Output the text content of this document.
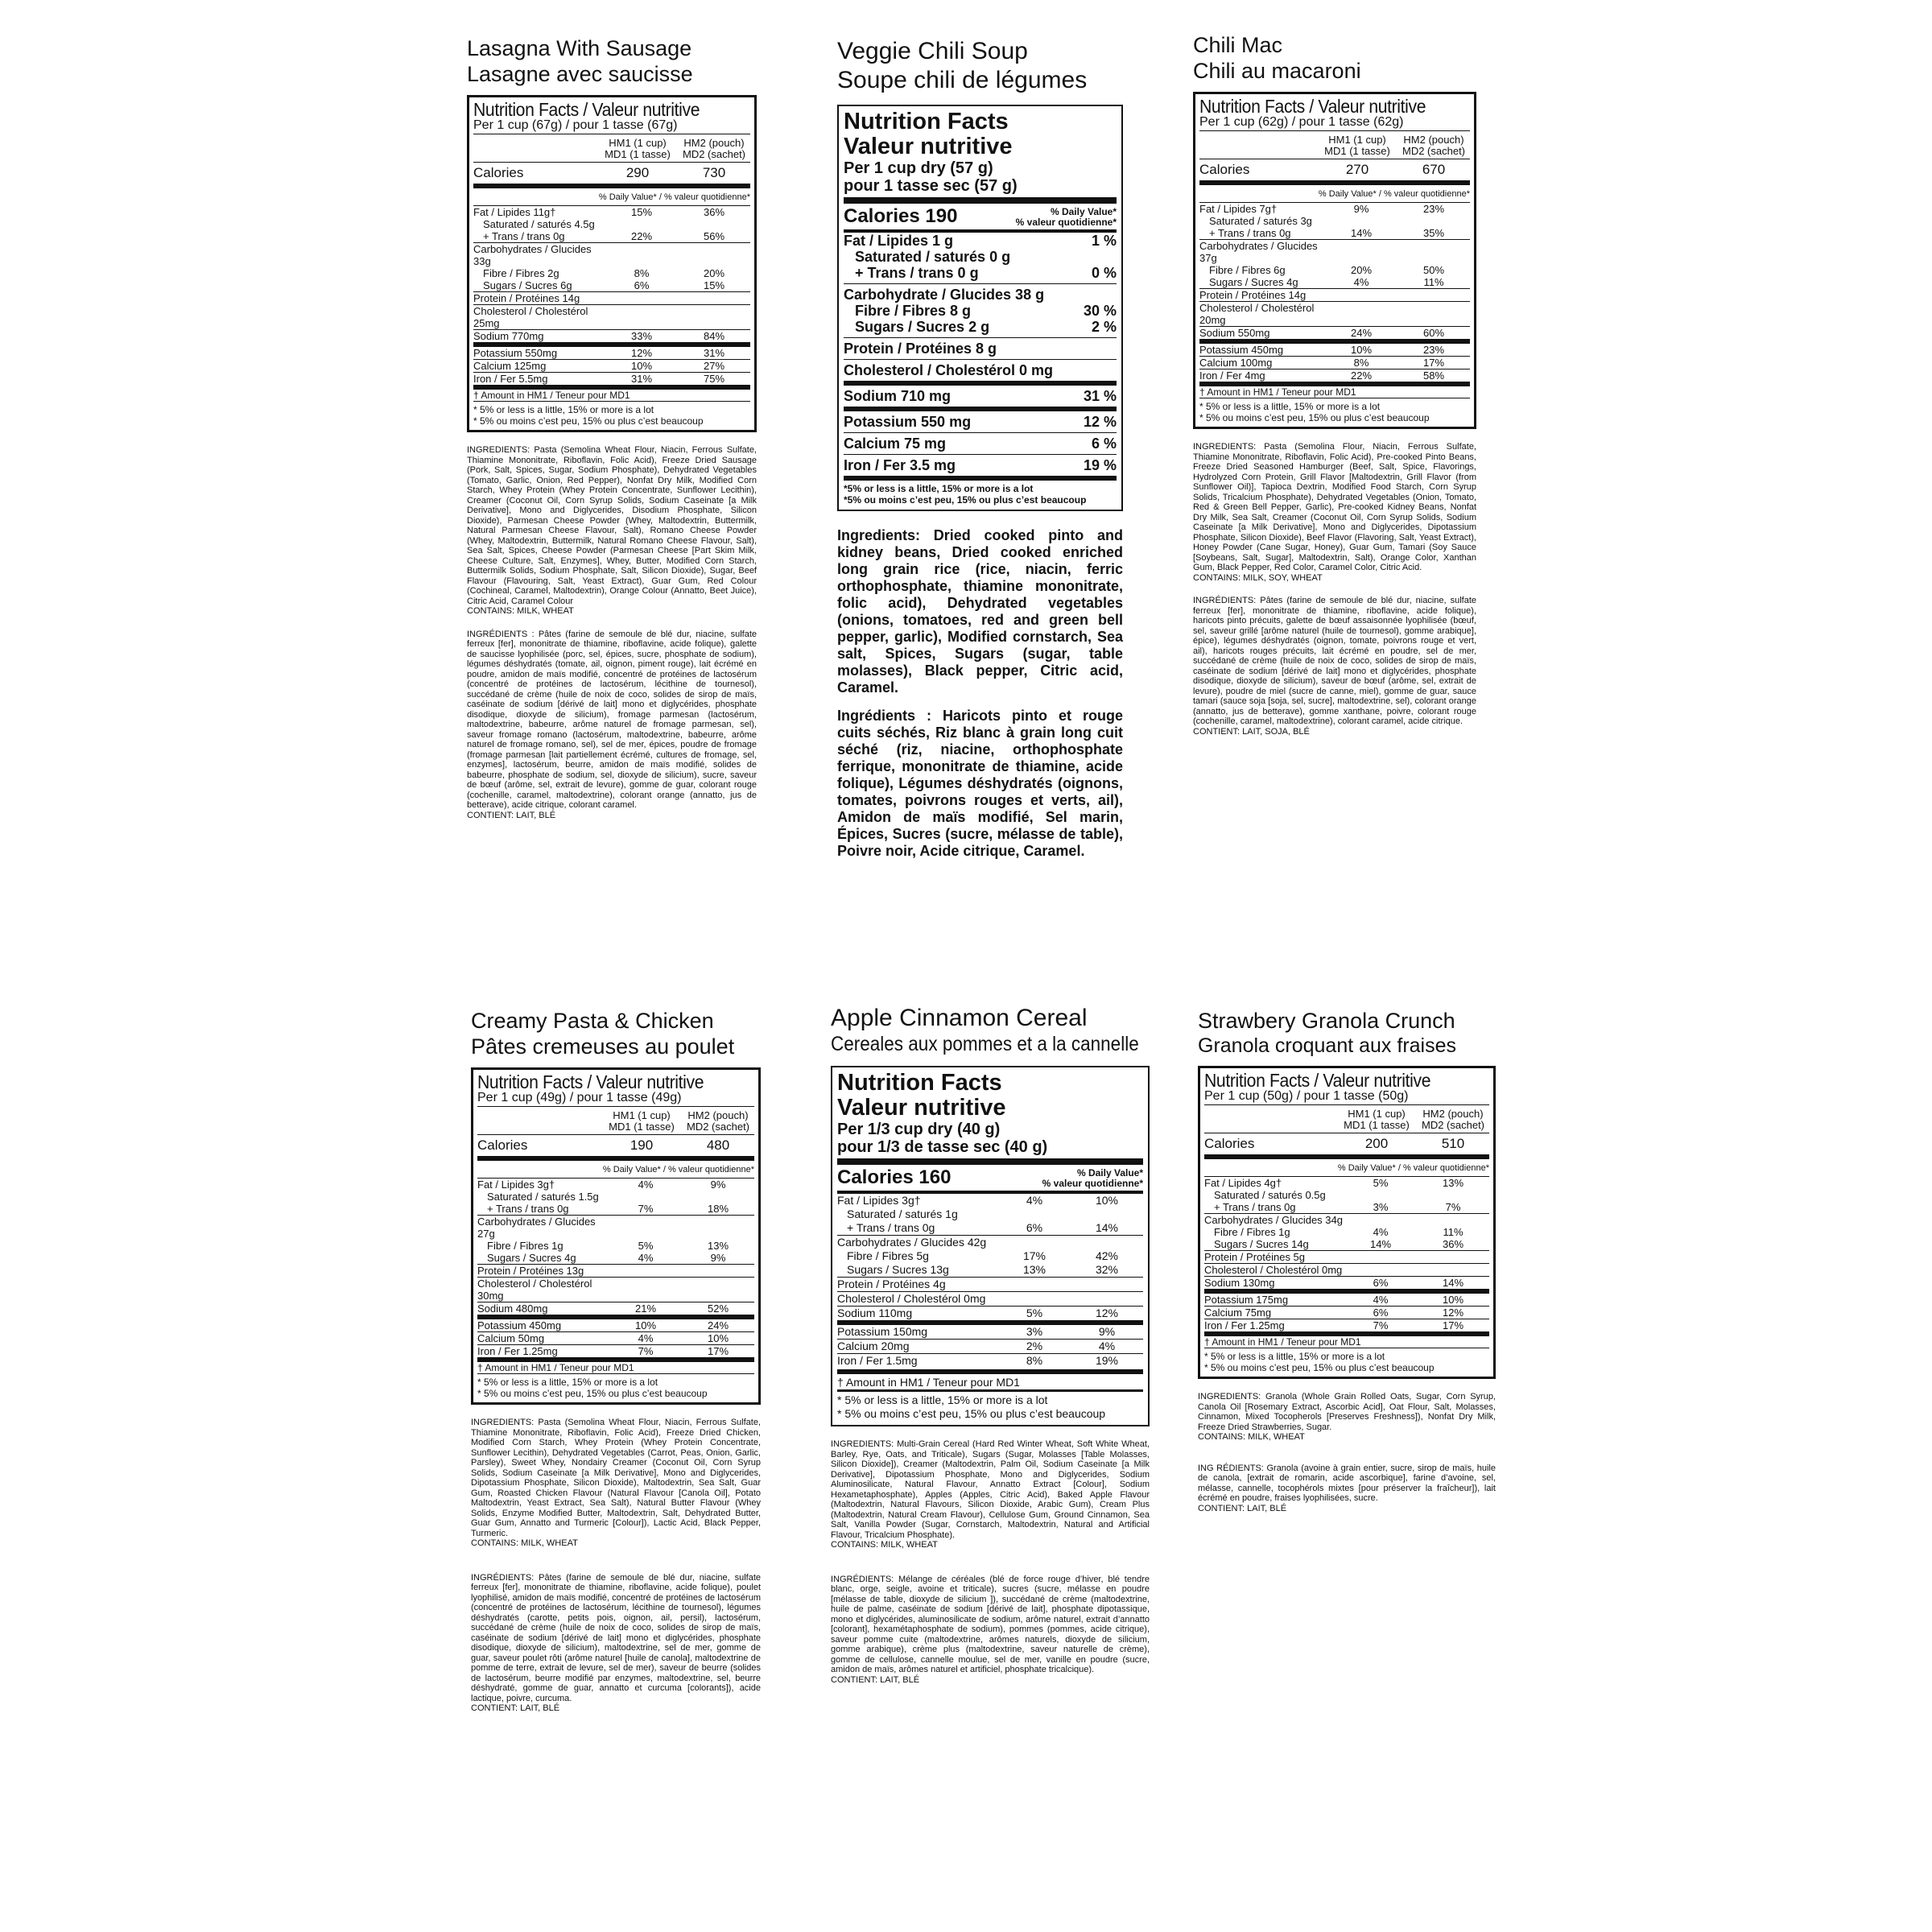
Lasagna With Sausage
Lasagne avec saucisse
Nutrition Facts / Valeur nutritive
Per 1 cup (67g) / pour 1 tasse (67g)
HM1 (1 cup)
MD1 (1 tasse)
HM2 (pouch)
MD2 (sachet)
Calories	290	730
% Daily Value* / % valeur quotidienne*
Fat / Lipides 11g†	15%	36%
Saturated / saturés 4.5g
+ Trans / trans 0g	22%	56%
Carbohydrates / Glucides 33g
Fibre / Fibres 2g	8%	20%
Sugars / Sucres 6g	6%	15%
Protein / Protéines 14g
Cholesterol / Cholestérol 25mg
Sodium 770mg	33%	84%
Potassium 550mg	12%	31%
Calcium 125mg	10%	27%
Iron / Fer 5.5mg	31%	75%
† Amount in HM1 / Teneur pour MD1
* 5% or less is a little, 15% or more is a lot
* 5% ou moins c’est peu, 15% ou plus c’est beaucoup
INGREDIENTS: Pasta (Semolina Wheat Flour, Niacin, Ferrous Sulfate, Thiamine Mononitrate, Riboflavin, Folic Acid), Freeze Dried Sausage (Pork, Salt, Spices, Sugar, Sodium Phosphate), Dehydrated Vegetables (Tomato, Garlic, Onion, Red Pepper), Nonfat Dry Milk, Modified Corn Starch, Whey Protein (Whey Protein Concentrate, Sunflower Lecithin), Creamer (Coconut Oil, Corn Syrup Solids, Sodium Caseinate [a Milk Derivative], Mono and Diglycerides, Disodium Phosphate, Silicon Dioxide), Parmesan Cheese Powder (Whey, Maltodextrin, Buttermilk, Natural Parmesan Cheese Flavour, Salt), Romano Cheese Powder (Whey, Maltodextrin, Buttermilk, Natural Romano Cheese Flavour, Salt), Sea Salt, Spices, Cheese Powder (Parmesan Cheese [Part Skim Milk, Cheese Culture, Salt, Enzymes], Whey, Butter, Modified Corn Starch, Buttermilk Solids, Sodium Phosphate, Salt, Silicon Dioxide), Sugar, Beef Flavour (Flavouring, Salt, Yeast Extract), Guar Gum, Red Colour (Cochineal, Caramel, Maltodextrin), Orange Colour (Annatto, Beet Juice), Citric Acid, Caramel Colour

CONTAINS: MILK, WHEAT

INGRÉDIENTS : Pâtes (farine de semoule de blé dur, niacine, sulfate ferreux [fer], mononitrate de thiamine, riboflavine, acide folique), galette de saucisse lyophilisée (porc, sel, épices, sucre, phosphate de sodium), légumes déshydratés (tomate, ail, oignon, piment rouge), lait écrémé en poudre, amidon de maïs modifié, concentré de protéines de lactosérum (concentré de protéines de lactosérum, lécithine de tournesol), succédané de crème (huile de noix de coco, solides de sirop de maïs, caséinate de sodium [dérivé de lait] mono et diglycérides, phosphate disodique, dioxyde de silicium), fromage parmesan (lactosérum, maltodextrine, babeurre, arôme naturel de fromage parmesan, sel), saveur fromage romano (lactosérum, maltodextrine, babeurre, arôme naturel de fromage romano, sel), sel de mer, épices, poudre de fromage (fromage parmesan [lait partiellement écrémé, cultures de fromage, sel, enzymes], lactosérum, beurre, amidon de maïs modifié, solides de babeurre, phosphate de sodium, sel, dioxyde de silicium), sucre, saveur de bœuf (arôme, sel, extrait de levure), gomme de guar, colorant rouge (cochenille, caramel, maltodextrine), colorant orange (annatto, jus de betterave), acide citrique, colorant caramel.
CONTIENT: LAIT, BLÉ
Veggie Chili Soup
Soupe chili de légumes
Nutrition Facts
Valeur nutritive
Per 1 cup dry (57 g)
pour 1 tasse sec (57 g)
Calories 190	% Daily Value*
% valeur quotidienne*
Fat / Lipides 1 g	1 %
Saturated / saturés 0 g
+ Trans / trans 0 g	0 %
Carbohydrate / Glucides 38 g
Fibre / Fibres 8 g	30 %
Sugars / Sucres 2 g	2 %
Protein / Protéines 8 g
Cholesterol / Cholestérol 0 mg
Sodium 710 mg	31 %
Potassium 550 mg	12 %
Calcium 75 mg	6 %
Iron / Fer 3.5 mg	19 %
*5% or less is a little, 15% or more is a lot
*5% ou moins c’est peu, 15% ou plus c’est beaucoup

Ingredients: Dried cooked pinto and kidney beans, Dried cooked enriched long grain rice (rice, niacin, ferric orthophosphate, thiamine mononitrate, folic acid), Dehydrated vegetables (onions, tomatoes, red and green bell pepper, garlic), Modified cornstarch, Sea salt, Spices, Sugars (sugar, table molasses), Black pepper, Citric acid, Caramel.

Ingrédients : Haricots pinto et rouge cuits séchés, Riz blanc à grain long cuit séché (riz, niacine, orthophosphate ferrique, mononitrate de thiamine, acide folique), Légumes déshydratés (oignons, tomates, poivrons rouges et verts, ail), Amidon de maïs modifié, Sel marin, Épices, Sucres (sucre, mélasse de table), Poivre noir, Acide citrique, Caramel.

Chili Mac
Chili au macaroni
Nutrition Facts / Valeur nutritive
Per 1 cup (62g) / pour 1 tasse (62g)
HM1 (1 cup)
MD1 (1 tasse)
HM2 (pouch)
MD2 (sachet)
Calories	270	670
% Daily Value* / % valeur quotidienne*
Fat / Lipides 7g†	9%	23%
Saturated / saturés 3g
+ Trans / trans 0g	14%	35%
Carbohydrates / Glucides 37g
Fibre / Fibres 6g	20%	50%
Sugars / Sucres 4g	4%	11%
Protein / Protéines 14g
Cholesterol / Cholestérol 20mg
Sodium 550mg	24%	60%
Potassium 450mg	10%	23%
Calcium 100mg	8%	17%
Iron / Fer 4mg	22%	58%
† Amount in HM1 / Teneur pour MD1
* 5% or less is a little, 15% or more is a lot
* 5% ou moins c’est peu, 15% ou plus c’est beaucoup
INGREDIENTS: Pasta (Semolina Flour, Niacin, Ferrous Sulfate, Thiamine Mononitrate, Riboflavin, Folic Acid), Pre-cooked Pinto Beans, Freeze Dried Seasoned Hamburger (Beef, Salt, Spice, Flavorings, Hydrolyzed Corn Protein, Grill Flavor [Maltodextrin, Grill Flavor (from Sunflower Oil)], Tapioca Dextrin, Modified Food Starch, Corn Syrup Solids, Tricalcium Phosphate), Dehydrated Vegetables (Onion, Tomato, Red & Green Bell Pepper, Garlic), Pre-cooked Kidney Beans, Nonfat Dry Milk, Sea Salt, Creamer (Coconut Oil, Corn Syrup Solids, Sodium Caseinate [a Milk Derivative], Mono and Diglycerides, Dipotassium Phosphate, Silicon Dioxide), Beef Flavor (Flavoring, Salt, Yeast Extract), Honey Powder (Cane Sugar, Honey), Guar Gum, Tamari (Soy Sauce [Soybeans, Salt, Sugar], Maltodextrin, Salt), Orange Color, Xanthan Gum, Black Pepper, Red Color, Caramel Color, Citric Acid.

CONTAINS: MILK, SOY, WHEAT

INGRÉDIENTS: Pâtes (farine de semoule de blé dur, niacine, sulfate ferreux [fer], mononitrate de thiamine, riboflavine, acide folique), haricots pinto précuits, galette de bœuf assaisonnée lyophilisée (bœuf, sel, saveur grillé [arôme naturel (huile de tournesol), gomme arabique], épice), légumes déshydratés (oignon, tomate, poivrons rouge et vert, ail), haricots rouges précuits, lait écrémé en poudre, sel de mer, succédané de crème (huile de noix de coco, solides de sirop de maïs, caséinate de sodium [dérivé de lait] mono et diglycérides, phosphate disodique, dioxyde de silicium), saveur de bœuf (arôme, sel, extrait de levure), poudre de miel (sucre de canne, miel), gomme de guar, sauce tamari (sauce soja [soja, sel, sucre], maltodextrine, sel), colorant orange (annatto, jus de betterave), gomme xanthane, poivre, colorant rouge (cochenille, caramel, maltodextrine), colorant caramel, acide citrique.
CONTIENT: LAIT, SOJA, BLÉ
Creamy Pasta & Chicken
Pâtes cremeuses au poulet
Nutrition Facts / Valeur nutritive
Per 1 cup (49g) / pour 1 tasse (49g)
HM1 (1 cup)
MD1 (1 tasse)
HM2 (pouch)
MD2 (sachet)
Calories	190	480
% Daily Value* / % valeur quotidienne*
Fat / Lipides 3g†	4%	9%
Saturated / saturés 1.5g
+ Trans / trans 0g	7%	18%
Carbohydrates / Glucides 27g
Fibre / Fibres 1g	5%	13%
Sugars / Sucres 4g	4%	9%
Protein / Protéines 13g
Cholesterol / Cholestérol 30mg
Sodium 480mg	21%	52%
Potassium 450mg	10%	24%
Calcium 50mg	4%	10%
Iron / Fer 1.25mg	7%	17%
† Amount in HM1 / Teneur pour MD1
* 5% or less is a little, 15% or more is a lot
* 5% ou moins c’est peu, 15% ou plus c’est beaucoup
INGREDIENTS: Pasta (Semolina Wheat Flour, Niacin, Ferrous Sulfate, Thiamine Mononitrate, Riboflavin, Folic Acid), Freeze Dried Chicken, Modified Corn Starch, Whey Protein (Whey Protein Concentrate, Sunflower Lecithin), Dehydrated Vegetables (Carrot, Peas, Onion, Garlic, Parsley), Sweet Whey, Nondairy Creamer (Coconut Oil, Corn Syrup Solids, Sodium Caseinate [a Milk Derivative], Mono and Diglycerides, Dipotassium Phosphate, Silicon Dioxide), Maltodextrin, Sea Salt, Guar Gum, Roasted Chicken Flavour (Natural Flavour [Canola Oil], Potato Maltodextrin, Yeast Extract, Sea Salt), Natural Butter Flavour (Whey Solids, Enzyme Modified Butter, Maltodextrin, Salt, Dehydrated Butter, Guar Gum, Annatto and Turmeric [Colour]), Lactic Acid, Black Pepper, Turmeric.

CONTAINS: MILK, WHEAT

INGRÉDIENTS: Pâtes (farine de semoule de blé dur, niacine, sulfate ferreux [fer], mononitrate de thiamine, riboflavine, acide folique), poulet lyophilisé, amidon de maïs modifié, concentré de protéines de lactosérum (concentré de protéines de lactosérum, lécithine de tournesol), légumes déshydratés (carotte, petits pois, oignon, ail, persil), lactosérum, succédané de crème (huile de noix de coco, solides de sirop de maïs, caséinate de sodium [dérivé de lait] mono et diglycérides, phosphate disodique, dioxyde de silicium), maltodextrine, sel de mer, gomme de guar, saveur poulet rôti (arôme naturel [huile de canola], maltodextrine de pomme de terre, extrait de levure, sel de mer), saveur de beurre (solides de lactosérum, beurre modifié par enzymes, maltodextrine, sel, beurre déshydraté, gomme de guar, annatto et curcuma [colorants]), acide lactique, poivre, curcuma.
CONTIENT: LAIT, BLÉ
Apple Cinnamon Cereal
Cereales aux pommes et a la cannelle
Nutrition Facts
Valeur nutritive
Per 1/3 cup dry (40 g)
pour 1/3 de tasse sec (40 g)
Calories 160	% Daily Value*
% valeur quotidienne*
Fat / Lipides 3g†	4%	10%
Saturated / saturés 1g
+ Trans / trans 0g	6%	14%
Carbohydrates / Glucides 42g
Fibre / Fibres 5g	17%	42%
Sugars / Sucres 13g	13%	32%
Protein / Protéines 4g
Cholesterol / Cholestérol 0mg
Sodium 110mg	5%	12%
Potassium 150mg	3%	9%
Calcium 20mg	2%	4%
Iron / Fer 1.5mg	8%	19%
† Amount in HM1 / Teneur pour MD1
* 5% or less is a little, 15% or more is a lot
* 5% ou moins c’est peu, 15% ou plus c’est beaucoup
INGREDIENTS: Multi-Grain Cereal (Hard Red Winter Wheat, Soft White Wheat, Barley, Rye, Oats, and Triticale), Sugars (Sugar, Molasses [Table Molasses, Silicon Dioxide]), Creamer (Maltodextrin, Palm Oil, Sodium Caseinate [a Milk Derivative], Dipotassium Phosphate, Mono and Diglycerides, Sodium Aluminosilicate, Natural Flavour, Annatto Extract [Colour], Sodium Hexametaphosphate), Apples (Apples, Citric Acid), Baked Apple Flavour (Maltodextrin, Natural Flavours, Silicon Dioxide, Arabic Gum), Cream Plus (Maltodextrin, Natural Cream Flavour), Cellulose Gum, Ground Cinnamon, Sea Salt, Vanilla Powder (Sugar, Cornstarch, Maltodextrin, Natural and Artificial Flavour, Tricalcium Phosphate).

CONTAINS: MILK, WHEAT

INGRÉDIENTS: Mélange de céréales (blé de force rouge d’hiver, blé tendre blanc, orge, seigle, avoine et triticale), sucres (sucre, mélasse en poudre [mélasse de table, dioxyde de silicium ]), succédané de crème (maltodextrine, huile de palme, caséinate de sodium [dérivé de lait], phosphate dipotassique, mono et diglycérides, aluminosilicate de sodium, arôme naturel, extrait d’annatto [colorant], hexamétaphosphate de sodium), pommes (pommes, acide citrique), saveur pomme cuite (maltodextrine, arômes naturels, dioxyde de silicium, gomme arabique), crème plus (maltodextrine, saveur naturelle de crème), gomme de cellulose, cannelle moulue, sel de mer, vanille en poudre (sucre, amidon de maïs, arômes naturel et artificiel, phosphate tricalcique).
CONTIENT: LAIT, BLÉ
Strawbery Granola Crunch
Granola croquant aux fraises
Nutrition Facts / Valeur nutritive
Per 1 cup (50g) / pour 1 tasse (50g)
HM1 (1 cup)
MD1 (1 tasse)
HM2 (pouch)
MD2 (sachet)
Calories	200	510
% Daily Value* / % valeur quotidienne*
Fat / Lipides 4g†	5%	13%
Saturated / saturés 0.5g
+ Trans / trans 0g	3%	7%
Carbohydrates / Glucides 34g
Fibre / Fibres 1g	4%	11%
Sugars / Sucres 14g	14%	36%
Protein / Protéines 5g
Cholesterol / Cholestérol 0mg
Sodium 130mg	6%	14%
Potassium 175mg	4%	10%
Calcium 75mg	6%	12%
Iron / Fer 1.25mg	7%	17%
† Amount in HM1 / Teneur pour MD1
* 5% or less is a little, 15% or more is a lot
* 5% ou moins c’est peu, 15% ou plus c’est beaucoup
INGREDIENTS: Granola (Whole Grain Rolled Oats, Sugar, Corn Syrup, Canola Oil [Rosemary Extract, Ascorbic Acid], Oat Flour, Salt, Molasses, Cinnamon, Mixed Tocopherols [Preserves Freshness]), Nonfat Dry Milk, Freeze Dried Strawberries, Sugar.

CONTAINS: MILK, WHEAT

ING RÉDIENTS: Granola (avoine à grain entier, sucre, sirop de maïs, huile de canola, [extrait de romarin, acide ascorbique], farine d’avoine, sel, mélasse, cannelle, tocophérols mixtes [pour préserver la fraîcheur]), lait écrémé en poudre, fraises lyophilisées, sucre.
CONTIENT: LAIT, BLÉ
